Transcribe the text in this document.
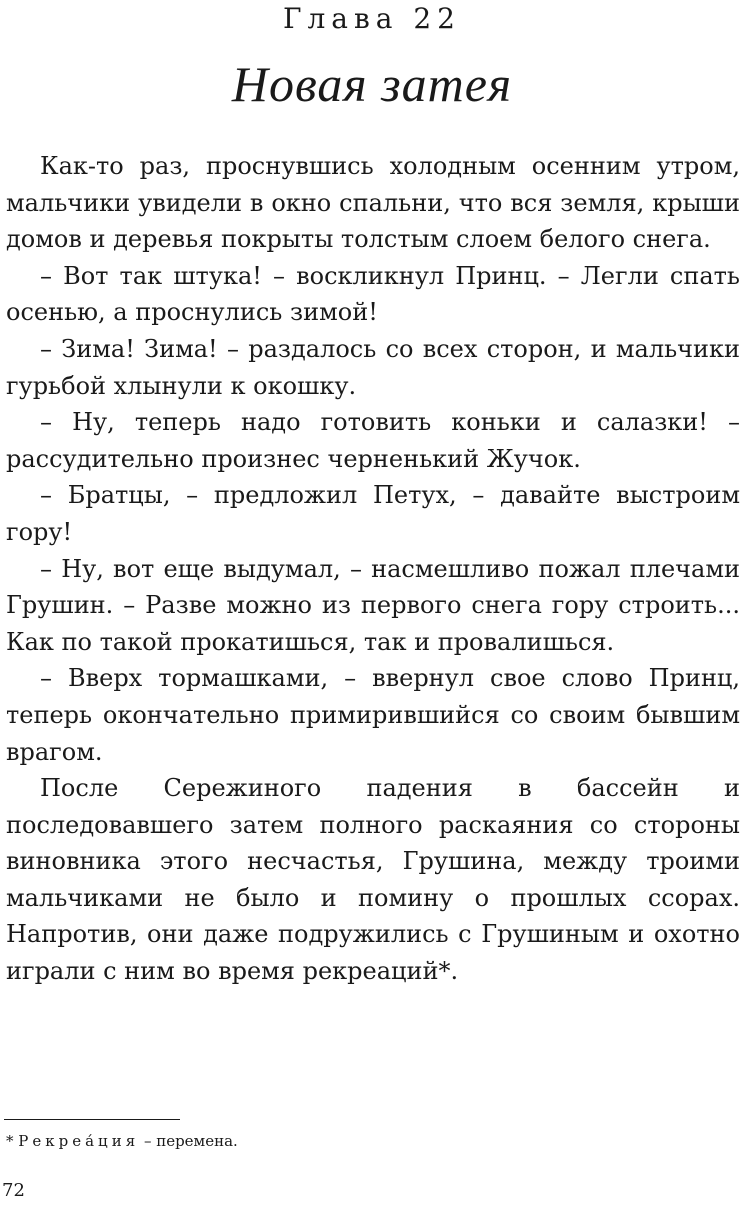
Глава 22
Новая затея

Как-то раз, проснувшись холодным осенним утром, мальчики увидели в окно спальни, что вся земля, крыши домов и деревья покрыты толстым слоем белого снега.

– Вот так штука! – воскликнул Принц. – Легли спать осенью, а проснулись зимой!

– Зима! Зима! – раздалось со всех сторон, и мальчики гурьбой хлынули к окошку.

– Ну, теперь надо готовить коньки и салазки! – рассудительно произнес черненький Жучок.

– Братцы, – предложил Петух, – давайте выстроим гору!

– Ну, вот еще выдумал, – насмешливо пожал плечами Грушин. – Разве можно из первого снега гору строить... Как по такой прокатишься, так и провалишься.

– Вверх тормашками, – ввернул свое слово Принц, теперь окончательно примирившийся со своим бывшим врагом.

После Сережиного падения в бассейн и последовавшего затем полного раскаяния со стороны виновника этого несчастья, Грушина, между троими мальчиками не было и помину о прошлых ссорах. Напротив, они даже подружились с Грушиным и охотно играли с ним во время рекреаций*.

* Рекреа́ция – перемена.
72
